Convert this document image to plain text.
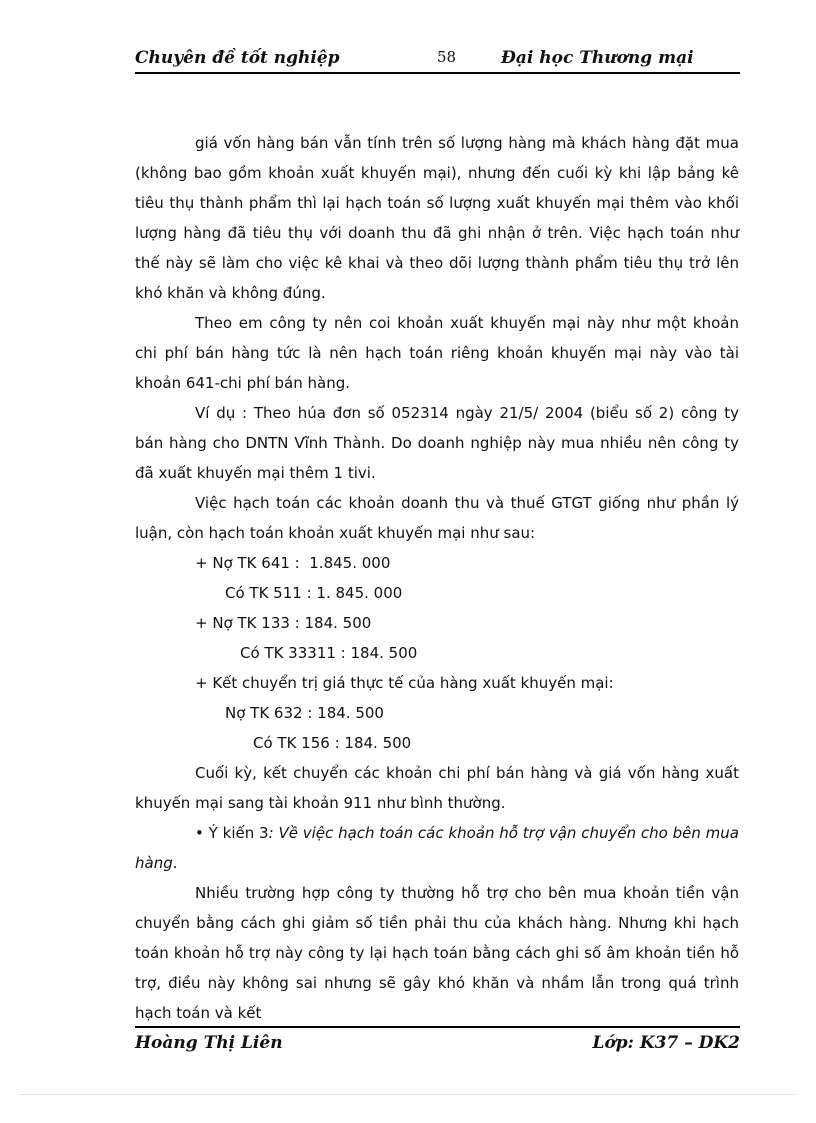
Chuyên đề tốt nghiệp	58	Đại học Thương mại

giá vốn hàng bán vẫn tính trên số lượng hàng mà khách hàng đặt mua (không bao gồm khoản xuất khuyến mại), nhưng đến cuối kỳ khi lập bảng kê tiêu thụ thành phẩm thì lại hạch toán số lượng xuất khuyến mại thêm vào khối lượng hàng đã tiêu thụ với doanh thu đã ghi nhận ở trên. Việc hạch toán như thế này sẽ làm cho việc kê khai và theo dõi lượng thành phẩm tiêu thụ trở lên khó khăn và không đúng.

Theo em công ty nên coi khoản xuất khuyến mại này như một khoản chi phí bán hàng tức là nên hạch toán riêng khoản khuyến mại này vào tài khoản 641-chi phí bán hàng.

Ví dụ : Theo húa đơn số 052314 ngày 21/5/ 2004 (biểu số 2) công ty bán hàng cho DNTN Vĩnh Thành. Do doanh nghiệp này mua nhiều nên công ty đã xuất khuyến mại thêm 1 tivi.

Việc hạch toán các khoản doanh thu và thuế GTGT giống như phần lý luận, còn hạch toán khoản xuất khuyến mại như sau:

+ Nợ TK 641 :  1.845. 000

Có TK 511 : 1. 845. 000

+ Nợ TK 133 : 184. 500

Có TK 33311 : 184. 500

+ Kết chuyển trị giá thực tế của hàng xuất khuyến mại:

Nợ TK 632 : 184. 500

Có TK 156 : 184. 500

Cuối kỳ, kết chuyển các khoản chi phí bán hàng và giá vốn hàng xuất khuyến mại sang tài khoản 911 như bình thường.

• Ý kiến 3: Về việc hạch toán các khoản hỗ trợ vận chuyển cho bên mua hàng.

Nhiều trường hợp công ty thường hỗ trợ cho bên mua khoản tiền vận chuyển bằng cách ghi giảm số tiền phải thu của khách hàng. Nhưng khi hạch toán khoản hỗ trợ này công ty lại hạch toán bằng cách ghi số âm khoản tiền hỗ trợ, điều này không sai nhưng sẽ gây khó khăn và nhầm lẫn trong quá trình hạch toán và kết

Hoàng Thị Liên	Lớp: K37 – DK2
